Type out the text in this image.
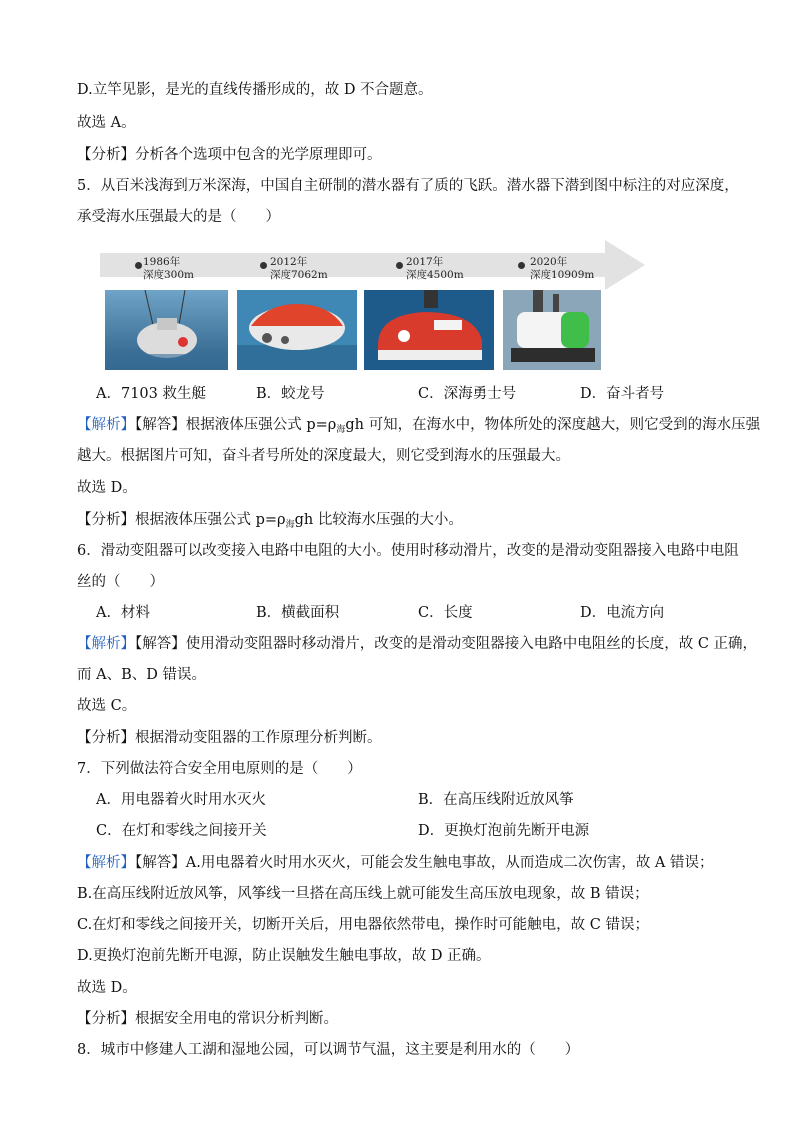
D.立竿见影，是光的直线传播形成的，故 D 不合题意。
故选 A。
【分析】分析各个选项中包含的光学原理即可。
5．从百米浅海到万米深海，中国自主研制的潜水器有了质的飞跃。潜水器下潜到图中标注的对应深度，
承受海水压强最大的是（　　）
1986年
深度300m
2012年
深度7062m
2017年
深度4500m
2020年
深度10909m
A．7103 救生艇	B．蛟龙号	C．深海勇士号	D．奋斗者号
【解析】【解答】根据液体压强公式 $p=\rho_海gh$ 可知，在海水中，物体所处的深度越大，则它受到的海水压强
越大。根据图片可知，奋斗者号所处的深度最大，则它受到海水的压强最大。
故选 D。
【分析】根据液体压强公式 $p=\rho_海gh$ 比较海水压强的大小。
6．滑动变阻器可以改变接入电路中电阻的大小。使用时移动滑片，改变的是滑动变阻器接入电路中电阻
丝的（　　）
A．材料	B．横截面积	C．长度	D．电流方向
【解析】【解答】使用滑动变阻器时移动滑片，改变的是滑动变阻器接入电路中电阻丝的长度，故 C 正确，
而 A、B、D 错误。
故选 C。
【分析】根据滑动变阻器的工作原理分析判断。
7．下列做法符合安全用电原则的是（　　）
A．用电器着火时用水灭火	B．在高压线附近放风筝
C．在灯和零线之间接开关	D．更换灯泡前先断开电源
【解析】【解答】A.用电器着火时用水灭火，可能会发生触电事故，从而造成二次伤害，故 A 错误；
B.在高压线附近放风筝，风筝线一旦搭在高压线上就可能发生高压放电现象，故 B 错误；
C.在灯和零线之间接开关，切断开关后，用电器依然带电，操作时可能触电，故 C 错误；
D.更换灯泡前先断开电源，防止误触发生触电事故，故 D 正确。
故选 D。
【分析】根据安全用电的常识分析判断。
8．城市中修建人工湖和湿地公园，可以调节气温，这主要是利用水的（　　）
